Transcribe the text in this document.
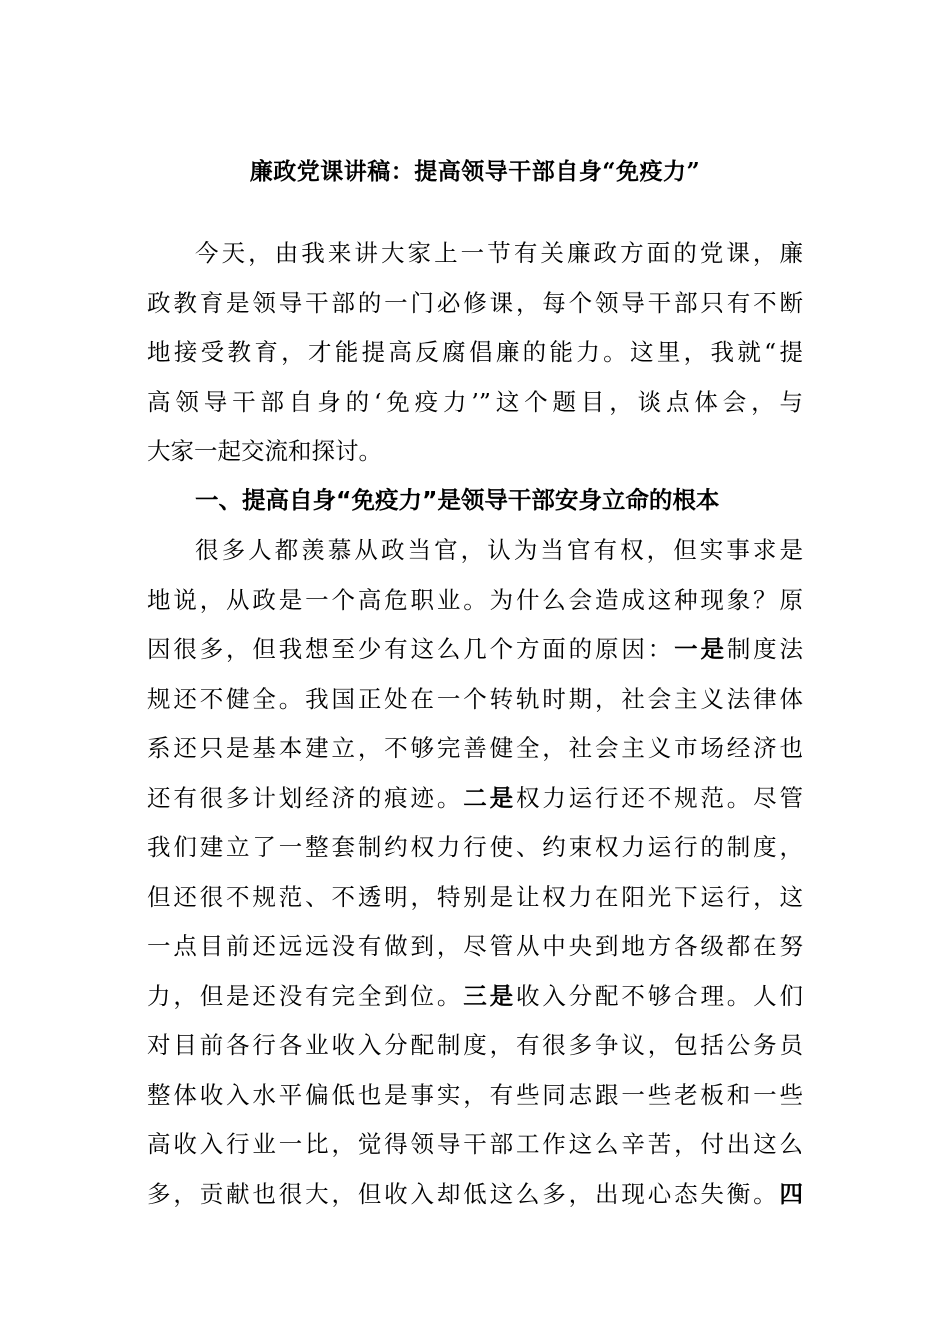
廉政党课讲稿：提高领导干部自身“免疫力”
今天，由我来讲大家上一节有关廉政方面的党课，廉
政教育是领导干部的一门必修课，每个领导干部只有不断
地接受教育，才能提高反腐倡廉的能力。这里，我就“提
高领导干部自身的‘免疫力’”这个题目，谈点体会，与
大家一起交流和探讨。
一、提高自身“免疫力”是领导干部安身立命的根本
很多人都羡慕从政当官，认为当官有权，但实事求是
地说，从政是一个高危职业。为什么会造成这种现象？原
因很多，但我想至少有这么几个方面的原因：一是制度法
规还不健全。我国正处在一个转轨时期，社会主义法律体
系还只是基本建立，不够完善健全，社会主义市场经济也
还有很多计划经济的痕迹。二是权力运行还不规范。尽管
我们建立了一整套制约权力行使、约束权力运行的制度，
但还很不规范、不透明，特别是让权力在阳光下运行，这
一点目前还远远没有做到，尽管从中央到地方各级都在努
力，但是还没有完全到位。三是收入分配不够合理。人们
对目前各行各业收入分配制度，有很多争议，包括公务员
整体收入水平偏低也是事实，有些同志跟一些老板和一些
高收入行业一比，觉得领导干部工作这么辛苦，付出这么
多，贡献也很大，但收入却低这么多，出现心态失衡。四
